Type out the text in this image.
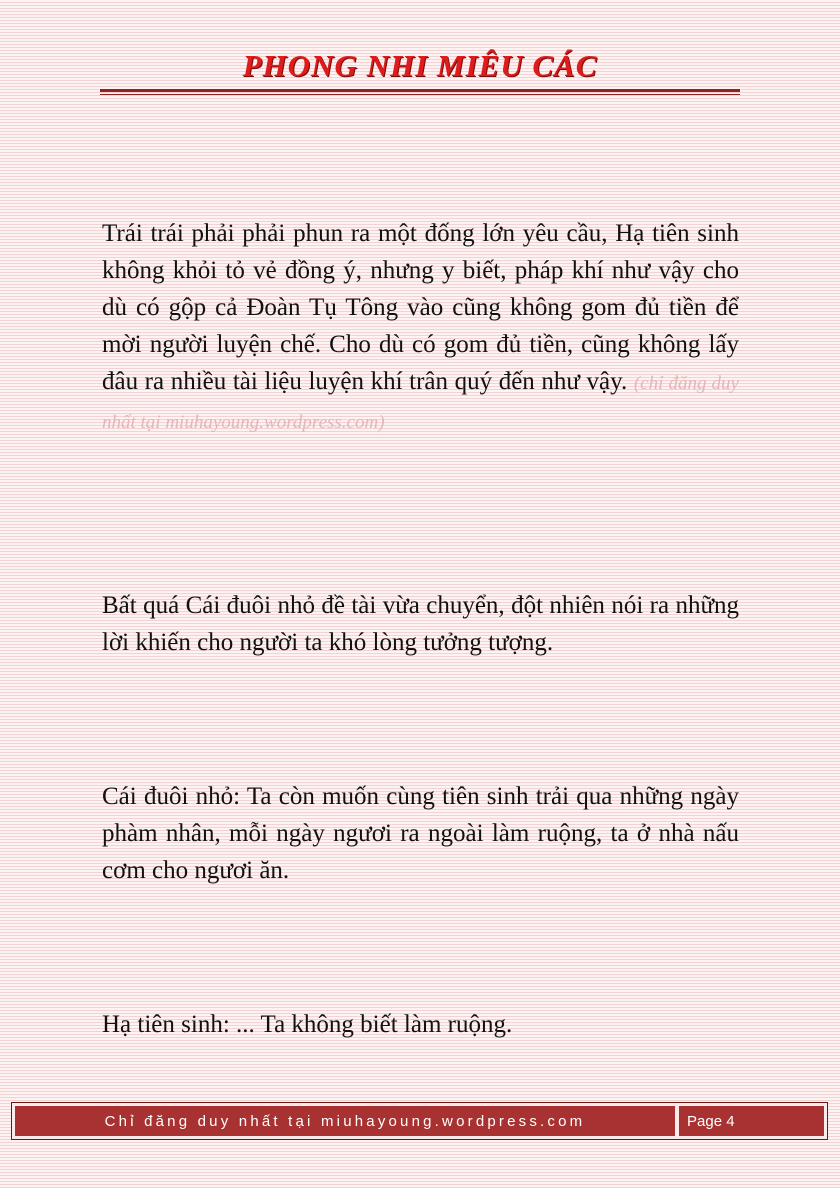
PHONG NHI MIÊU CÁC

Trái trái phải phải phun ra một đống lớn yêu cầu, Hạ tiên sinh không khỏi tỏ vẻ đồng ý, nhưng y biết, pháp khí như vậy cho dù có gộp cả Đoàn Tụ Tông vào cũng không gom đủ tiền để mời người luyện chế. Cho dù có gom đủ tiền, cũng không lấy đâu ra nhiều tài liệu luyện khí trân quý đến như vậy. (chỉ đăng duy nhất tại miuhayoung.wordpress.com)

Bất quá Cái đuôi nhỏ đề tài vừa chuyển, đột nhiên nói ra những lời khiến cho người ta khó lòng tưởng tượng.

Cái đuôi nhỏ: Ta còn muốn cùng tiên sinh trải qua những ngày phàm nhân, mỗi ngày ngươi ra ngoài làm ruộng, ta ở nhà nấu cơm cho ngươi ăn.

Hạ tiên sinh: ... Ta không biết làm ruộng.

Chỉ đăng duy nhất tại miuhayoung.wordpress.com	Page 4
